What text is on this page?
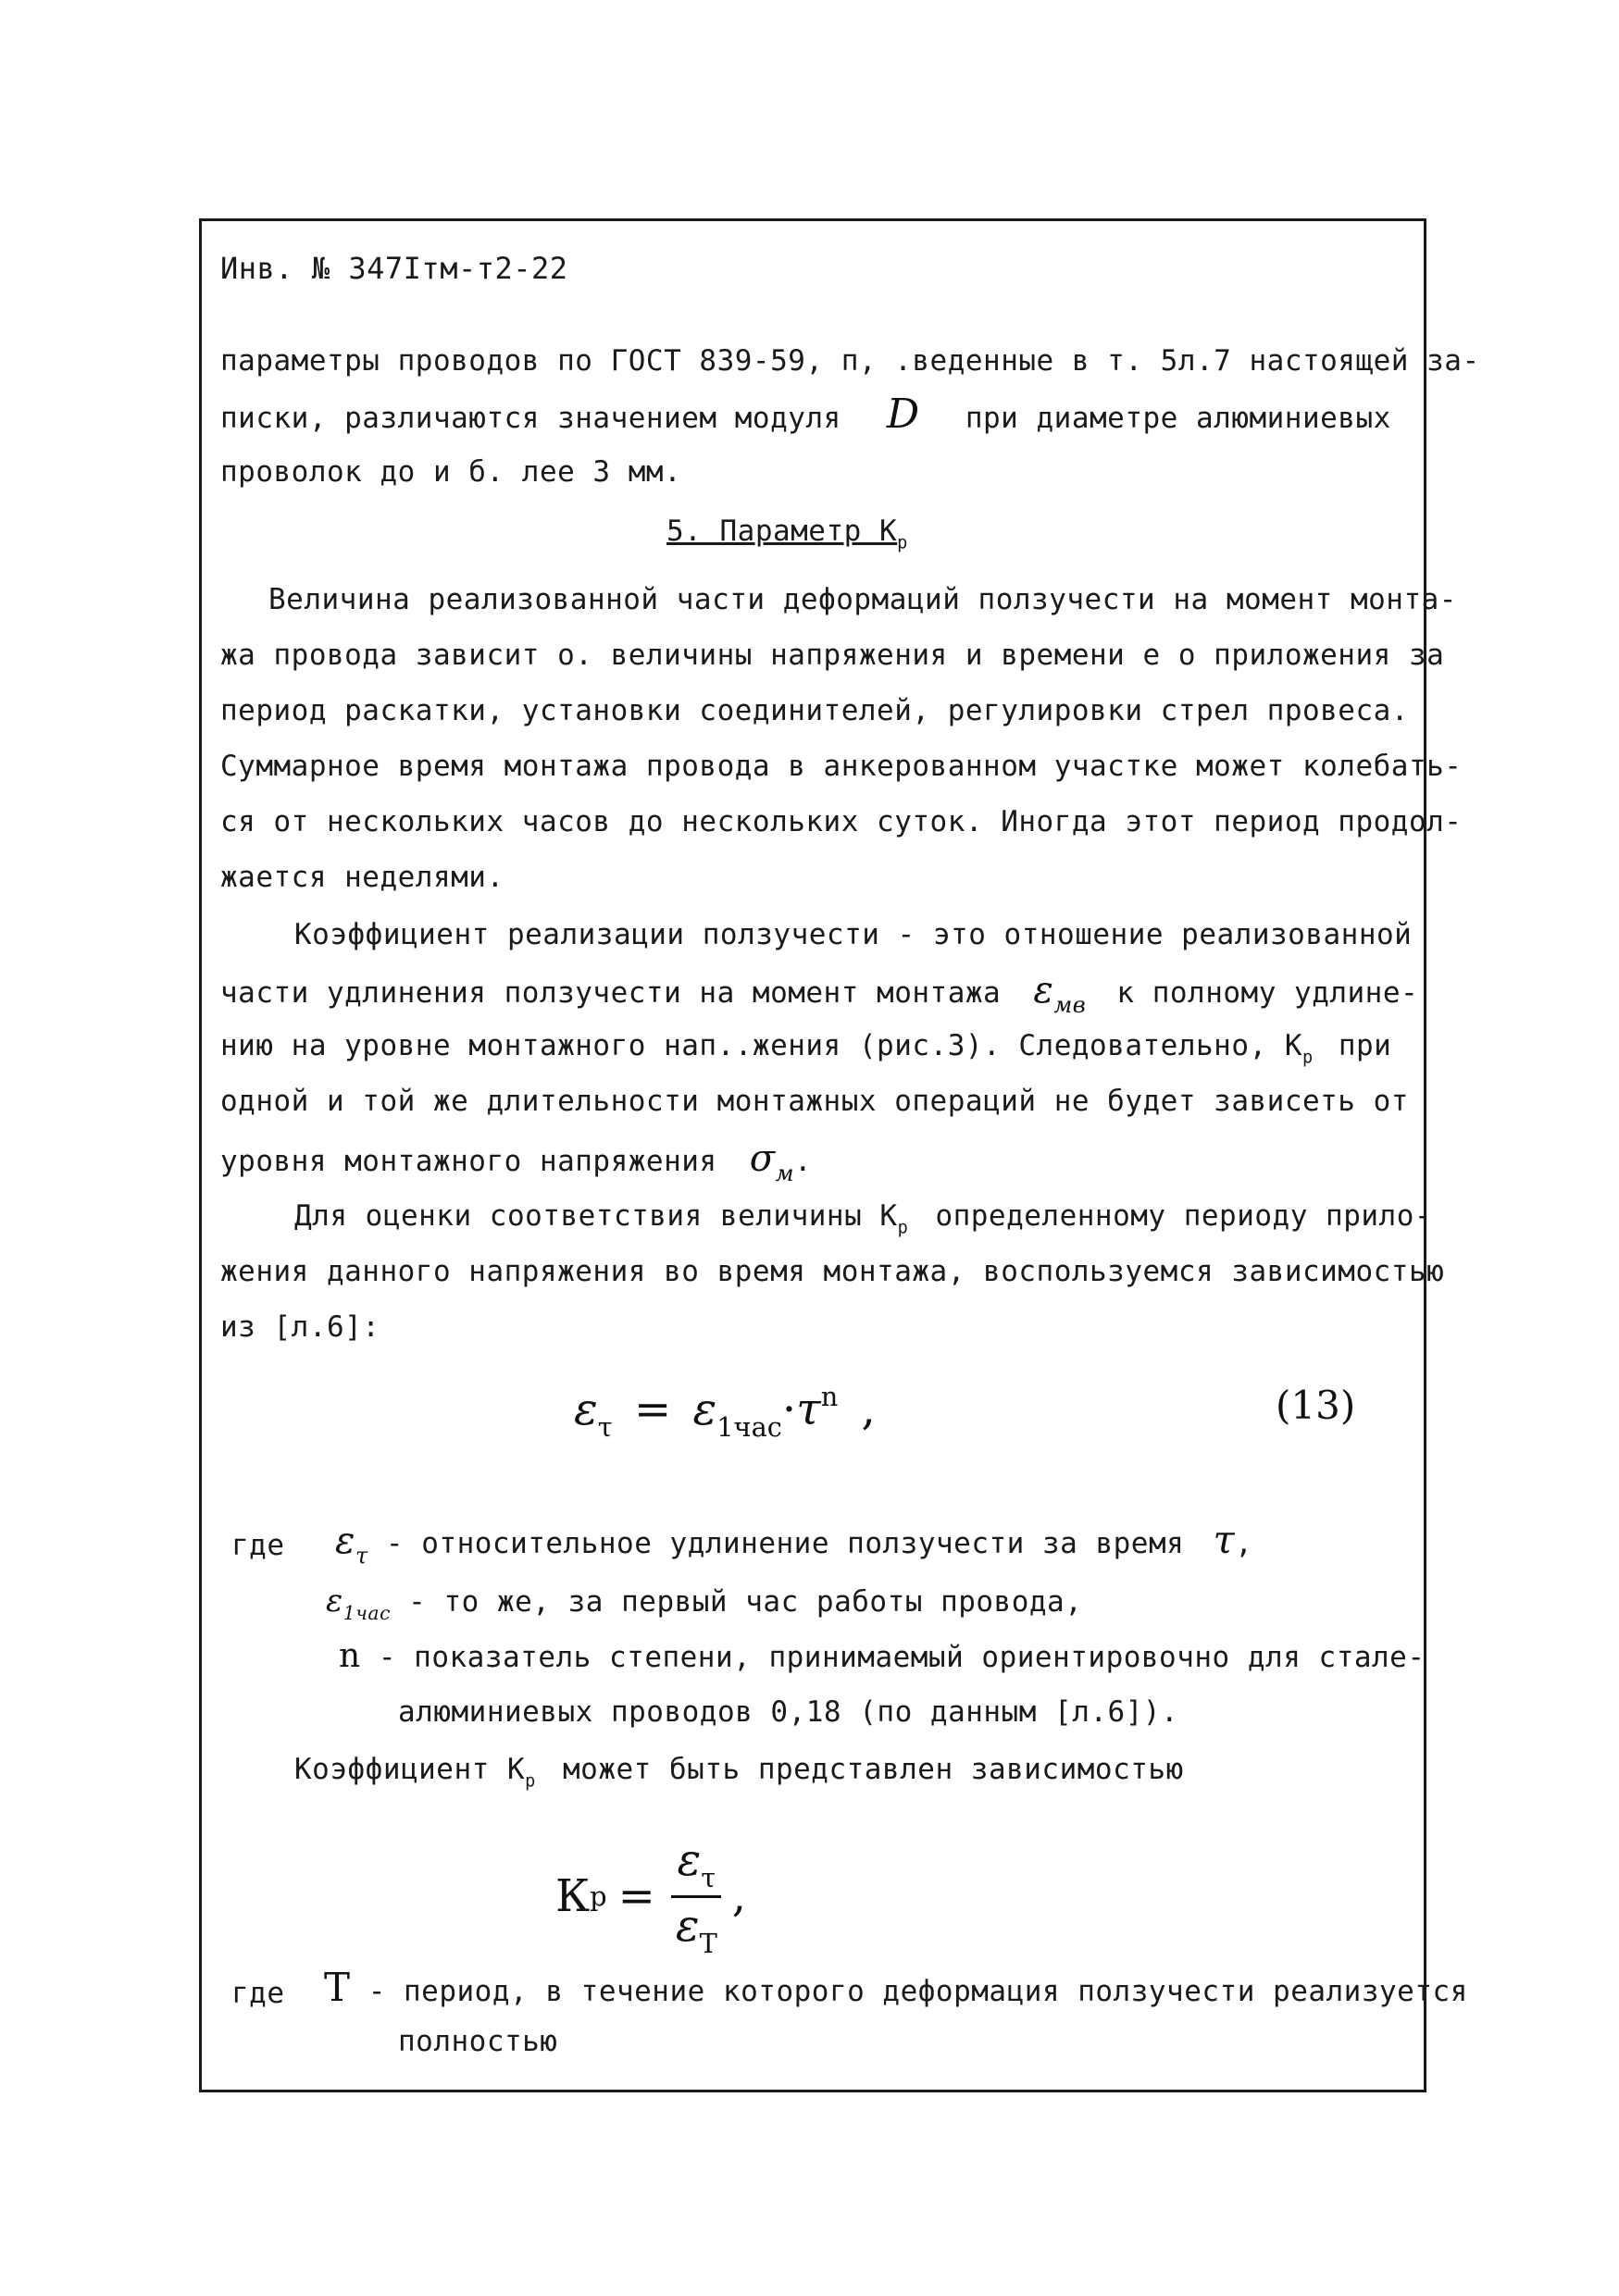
Инв. № 347Iтм-т2-22
параметры проводов по ГОСТ 839-59, п, .веденные в т. 5л.7 настоящей за-
писки, различаются значением модуля D при диаметре алюминиевых
проволок до и б. лее 3 мм.
5. Параметр $К_р$
Величина реализованной части деформаций ползучести на момент монта-
жа провода зависит о. величины напряжения и времени е о приложения за
период раскатки, установки соединителей, регулировки стрел провеса.
Суммарное время монтажа провода в анкерованном участке может колебать-
ся от нескольких часов до нескольких суток. Иногда этот период продол-
жается неделями.
Коэффициент реализации ползучести - это отношение реализованной
части удлинения ползучести на момент монтажа $\varepsilon_{мв}$ к полному удлине-
нию на уровне монтажного нап..жения (рис.3). Следовательно, $К_р$ при
одной и той же длительности монтажных операций не будет зависеть от
уровня монтажного напряжения $\sigma_м$.
Для оценки соответствия величины $К_р$ определенному периоду прило-
жения данного напряжения во время монтажа, воспользуемся зависимостью
из [л.6]:
$\varepsilon_\tau = \varepsilon_{1час}\cdot\tau^n$ ,	(13)
где $\varepsilon_\tau$ - относительное удлинение ползучести за время τ,
$\varepsilon_{1час}$ - то же, за первый час работы провода,
n - показатель степени, принимаемый ориентировочно для стале-
алюминиевых проводов 0,18 (по данным [л.6]).
Коэффициент $К_р$ может быть представлен зависимостью
К $р = \frac{\varepsilon_\tau}{\varepsilon_T}$ ,
где T - период, в течение которого деформация ползучести реализуется
полностью
